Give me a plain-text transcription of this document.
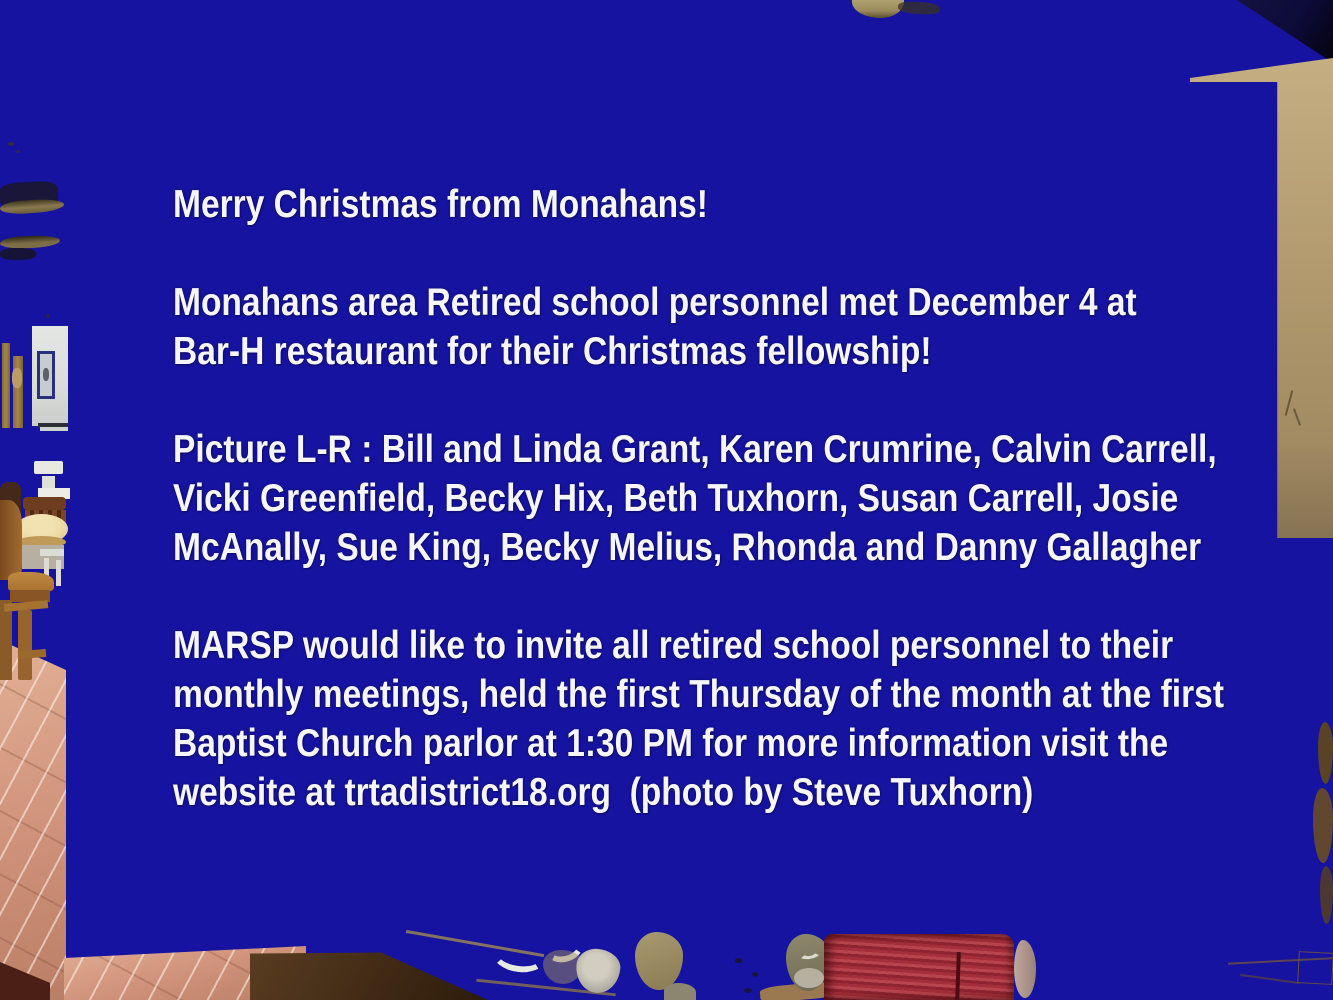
Merry Christmas from Monahans!
Monahans area Retired school personnel met December 4 at
Bar-H restaurant for their Christmas fellowship!
Picture L-R : Bill and Linda Grant, Karen Crumrine, Calvin Carrell,
Vicki Greenfield, Becky Hix, Beth Tuxhorn, Susan Carrell, Josie
McAnally, Sue King, Becky Melius, Rhonda and Danny Gallagher
MARSP would like to invite all retired school personnel to their
monthly meetings, held the first Thursday of the month at the first
Baptist Church parlor at 1:30 PM for more information visit the
website at trtadistrict18.org  (photo by Steve Tuxhorn)
